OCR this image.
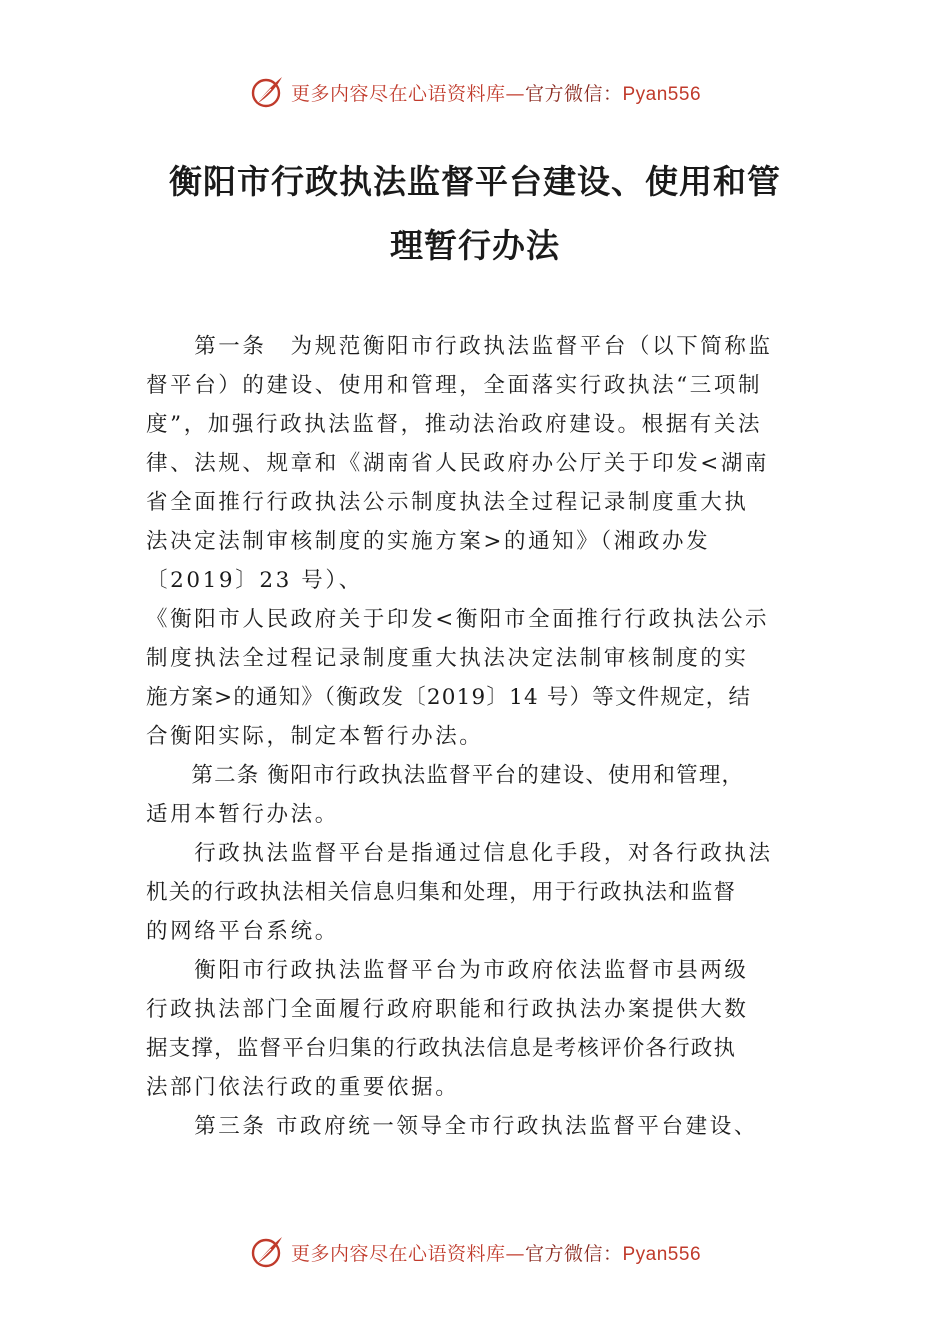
更多内容尽在心语资料库—官方微信：Pyan556
衡阳市行政执法监督平台建设、使用和管
理暂行办法
　　第一条　为规范衡阳市行政执法监督平台（以下简称监
督平台）的建设、使用和管理，全面落实行政执法“三项制
度”，加强行政执法监督，推动法治政府建设。根据有关法
律、法规、规章和《湖南省人民政府办公厅关于印发<湖南
省全面推行行政执法公示制度执法全过程记录制度重大执
法决定法制审核制度的实施方案>的通知》（湘政办发
〔2019〕23 号）、
《衡阳市人民政府关于印发<衡阳市全面推行行政执法公示
制度执法全过程记录制度重大执法决定法制审核制度的实
施方案>的通知》（衡政发〔2019〕14 号）等文件规定，结
合衡阳实际，制定本暂行办法。
　　第二条 衡阳市行政执法监督平台的建设、使用和管理，
适用本暂行办法。
　　行政执法监督平台是指通过信息化手段，对各行政执法
机关的行政执法相关信息归集和处理，用于行政执法和监督
的网络平台系统。
　　衡阳市行政执法监督平台为市政府依法监督市县两级
行政执法部门全面履行政府职能和行政执法办案提供大数
据支撑，监督平台归集的行政执法信息是考核评价各行政执
法部门依法行政的重要依据。
　　第三条 市政府统一领导全市行政执法监督平台建设、
更多内容尽在心语资料库—官方微信：Pyan556
